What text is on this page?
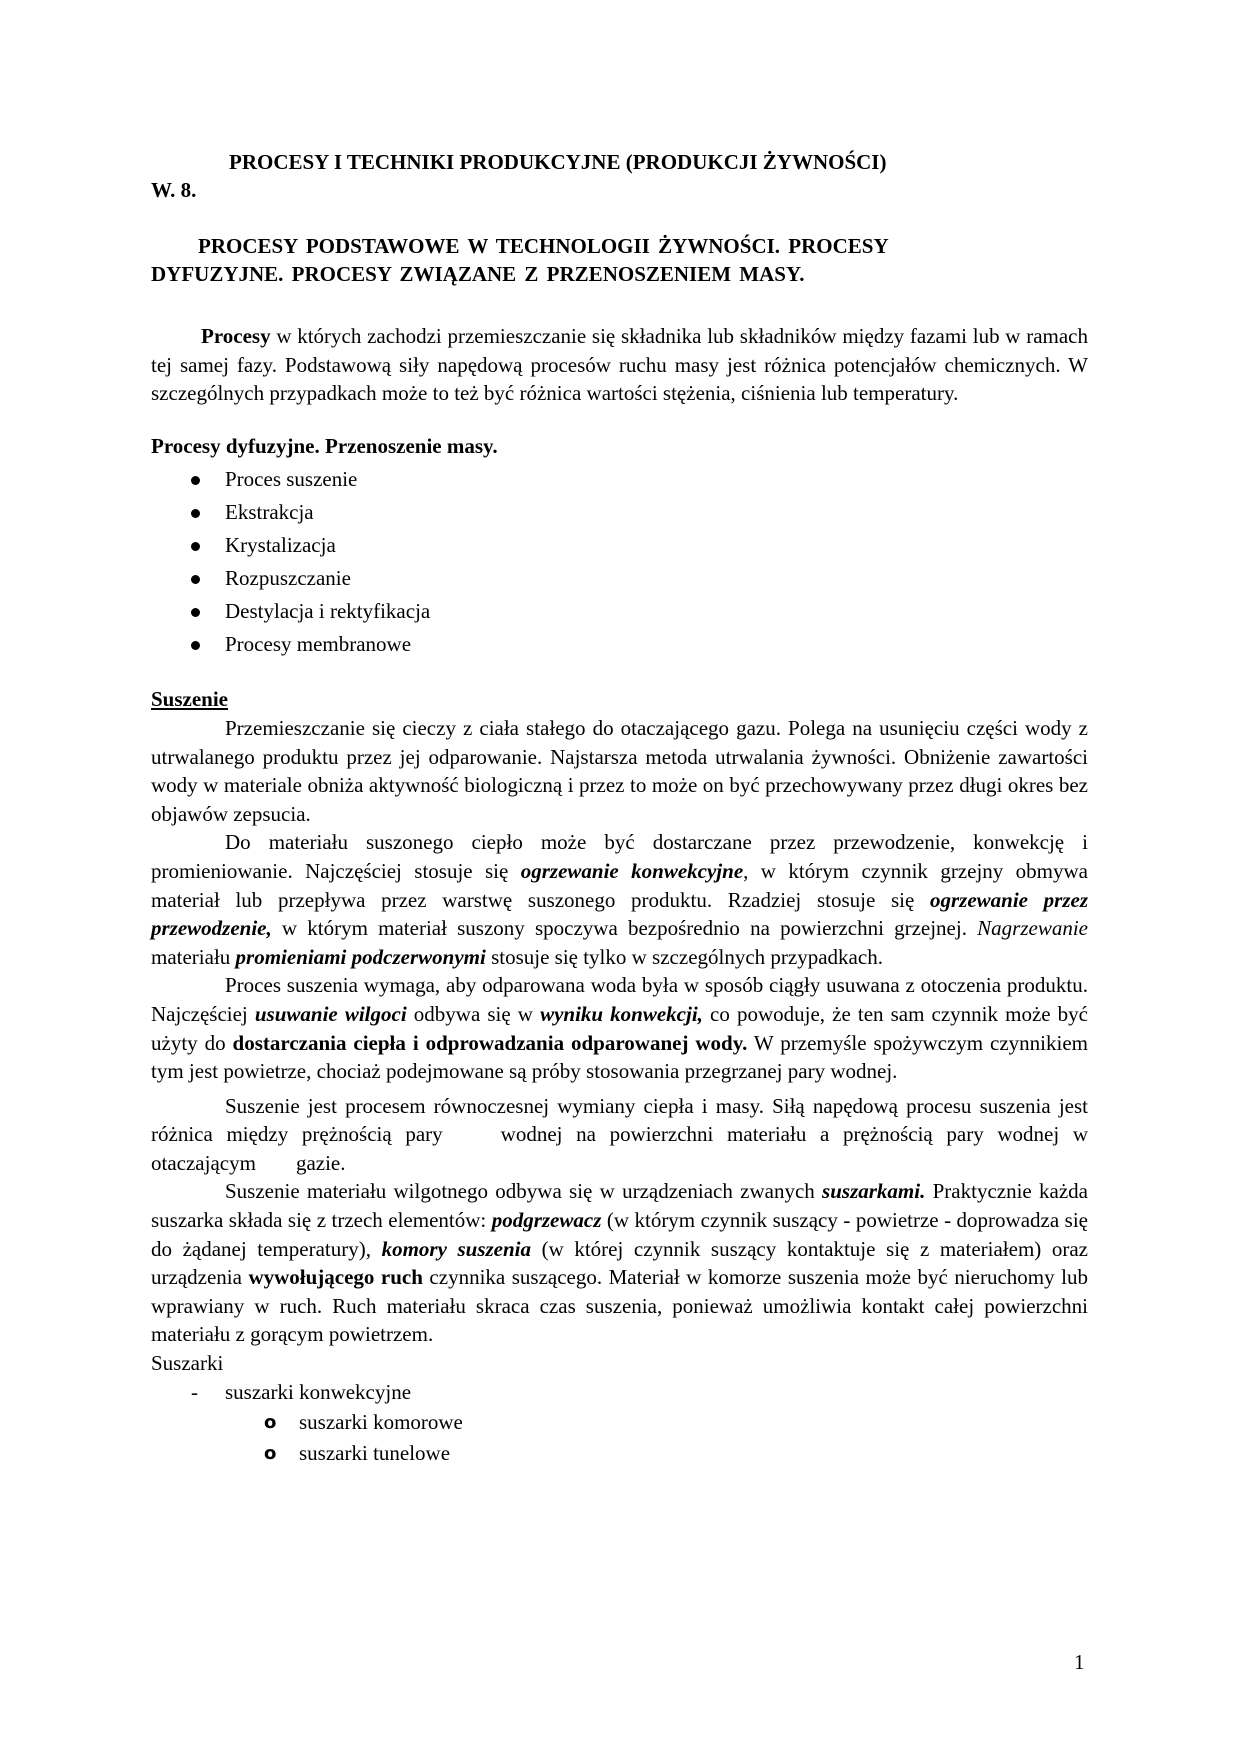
PROCESY I TECHNIKI PRODUKCYJNE (PRODUKCJI ŻYWNOŚCI)

W. 8.

PROCESY PODSTAWOWE W TECHNOLOGII ŻYWNOŚCI. PROCESY
DYFUZYJNE. PROCESY ZWIĄZANE Z PRZENOSZENIEM MASY.

Procesy w których zachodzi przemieszczanie się składnika lub składników między fazami lub w ramach tej samej fazy. Podstawową siły napędową procesów ruchu masy jest różnica potencjałów chemicznych. W szczególnych przypadkach może to też być różnica wartości stężenia, ciśnienia lub temperatury.

Procesy dyfuzyjne. Przenoszenie masy.

Proces suszenie
Ekstrakcja
Krystalizacja
Rozpuszczanie
Destylacja i rektyfikacja
Procesy membranowe

Suszenie

Przemieszczanie się cieczy z ciała stałego do otaczającego gazu. Polega na usunięciu części wody z utrwalanego produktu przez jej odparowanie. Najstarsza metoda utrwalania żywności. Obniżenie zawartości wody w materiale obniża aktywność biologiczną i przez to może on być przechowywany przez długi okres bez objawów zepsucia.

Do materiału suszonego ciepło może być dostarczane przez przewodzenie, konwekcję i promieniowanie. Najczęściej stosuje się ogrzewanie konwekcyjne, w którym czynnik grzejny obmywa materiał lub przepływa przez warstwę suszonego produktu. Rzadziej stosuje się ogrzewanie przez przewodzenie, w którym materiał suszony spoczywa bezpośrednio na powierzchni grzejnej. Nagrzewanie materiału promieniami podczerwonymi stosuje się tylko w szczególnych przypadkach.

Proces suszenia wymaga, aby odparowana woda była w sposób ciągły usuwana z otoczenia produktu. Najczęściej usuwanie wilgoci odbywa się w wyniku konwekcji, co powoduje, że ten sam czynnik może być użyty do dostarczania ciepła i odprowadzania odparowanej wody. W przemyśle spożywczym czynnikiem tym jest powietrze, chociaż podejmowane są próby stosowania przegrzanej pary wodnej.

Suszenie jest procesem równoczesnej wymiany ciepła i masy. Siłą napędową procesu suszenia jest różnica między prężnością pary	wodnej na powierzchni materiału a prężnością pary wodnej w otaczającym gazie.

Suszenie materiału wilgotnego odbywa się w urządzeniach zwanych suszarkami. Praktycznie każda suszarka składa się z trzech elementów: podgrzewacz (w którym czynnik suszący - powietrze - doprowadza się do żądanej temperatury), komory suszenia (w której czynnik suszący kontaktuje się z materiałem) oraz urządzenia wywołującego ruch czynnika suszącego. Materiał w komorze suszenia może być nieruchomy lub wprawiany w ruch. Ruch materiału skraca czas suszenia, ponieważ umożliwia kontakt całej powierzchni materiału z gorącym powietrzem.

Suszarki

- suszarki konwekcyjne
o suszarki komorowe
o suszarki tunelowe
1
